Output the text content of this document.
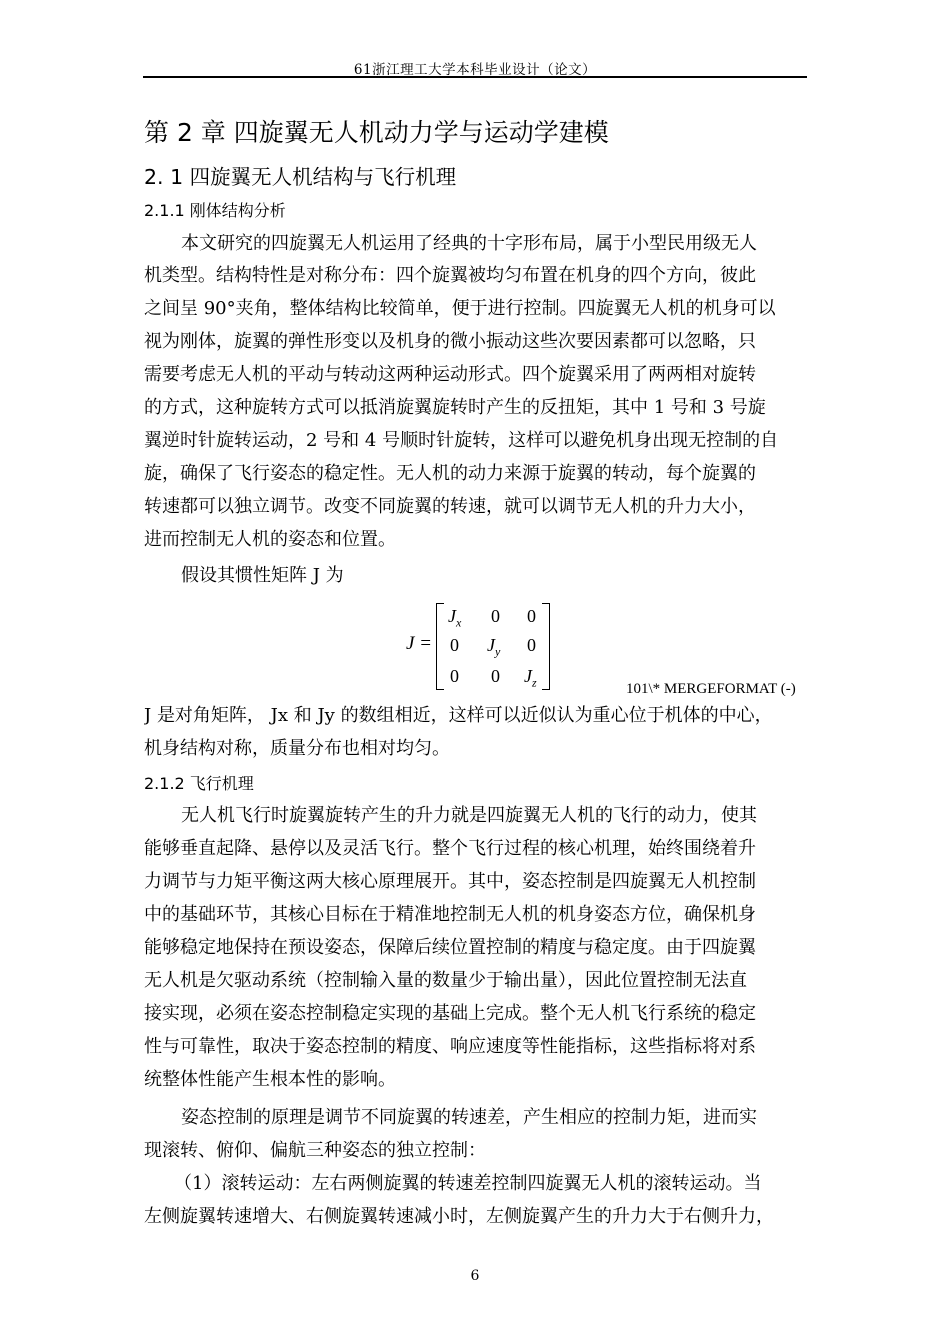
61浙江理工大学本科毕业设计（论文）
第 2 章 四旋翼无人机动力学与运动学建模
2. 1 四旋翼无人机结构与飞行机理
2.1.1 刚体结构分析
本文研究的四旋翼无人机运用了经典的十字形布局，属于小型民用级无人
机类型。结构特性是对称分布：四个旋翼被均匀布置在机身的四个方向，彼此
之间呈 90°夹角，整体结构比较简单，便于进行控制。四旋翼无人机的机身可以
视为刚体，旋翼的弹性形变以及机身的微小振动这些次要因素都可以忽略，只
需要考虑无人机的平动与转动这两种运动形式。四个旋翼采用了两两相对旋转
的方式，这种旋转方式可以抵消旋翼旋转时产生的反扭矩，其中 1 号和 3 号旋
翼逆时针旋转运动，2 号和 4 号顺时针旋转，这样可以避免机身出现无控制的自
旋，确保了飞行姿态的稳定性。无人机的动力来源于旋翼的转动，每个旋翼的
转速都可以独立调节。改变不同旋翼的转速，就可以调节无人机的升力大小，
进而控制无人机的姿态和位置。
假设其惯性矩阵 J 为
J =
$J_x$ 0 0
0 $J_y$ 0
0 0 $J_z$	101\* MERGEFORMAT (-)
J 是对角矩阵， Jx 和 Jy 的数组相近，这样可以近似认为重心位于机体的中心，
机身结构对称，质量分布也相对均匀。
2.1.2 飞行机理
无人机飞行时旋翼旋转产生的升力就是四旋翼无人机的飞行的动力，使其
能够垂直起降、悬停以及灵活飞行。整个飞行过程的核心机理，始终围绕着升
力调节与力矩平衡这两大核心原理展开。其中，姿态控制是四旋翼无人机控制
中的基础环节，其核心目标在于精准地控制无人机的机身姿态方位，确保机身
能够稳定地保持在预设姿态，保障后续位置控制的精度与稳定度。由于四旋翼
无人机是欠驱动系统（控制输入量的数量少于输出量），因此位置控制无法直
接实现，必须在姿态控制稳定实现的基础上完成。整个无人机飞行系统的稳定
性与可靠性，取决于姿态控制的精度、响应速度等性能指标，这些指标将对系
统整体性能产生根本性的影响。
姿态控制的原理是调节不同旋翼的转速差，产生相应的控制力矩，进而实
现滚转、俯仰、偏航三种姿态的独立控制：
（1）滚转运动：左右两侧旋翼的转速差控制四旋翼无人机的滚转运动。当
左侧旋翼转速增大、右侧旋翼转速减小时，左侧旋翼产生的升力大于右侧升力，
6
